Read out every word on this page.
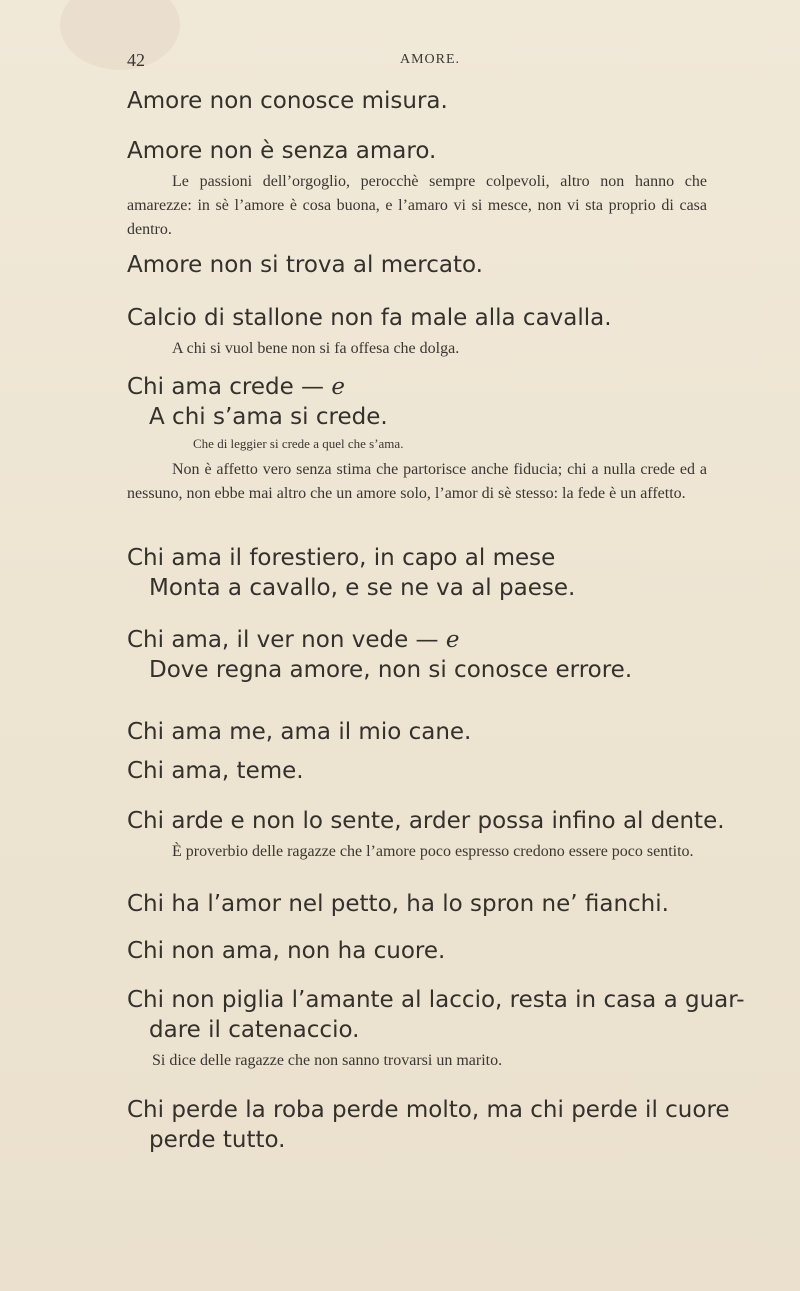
42	AMORE.
Amore non conosce misura.
Amore non è senza amaro.
Le passioni dell’orgoglio, perocchè sempre colpevoli, altro non hanno che amarezze: in sè l’amore è cosa buona, e l’amaro vi si mesce, non vi sta proprio di casa dentro.
Amore non si trova al mercato.
Calcio di stallone non fa male alla cavalla.
A chi si vuol bene non si fa offesa che dolga.
Chi ama crede — e
A chi s’ama si crede.
Che di leggier si crede a quel che s’ama.
Non è affetto vero senza stima che partorisce anche fiducia; chi a nulla crede ed a nessuno, non ebbe mai altro che un amore solo, l’amor di sè stesso: la fede è un affetto.
Chi ama il forestiero, in capo al mese
Monta a cavallo, e se ne va al paese.
Chi ama, il ver non vede — e
Dove regna amore, non si conosce errore.
Chi ama me, ama il mio cane.
Chi ama, teme.
Chi arde e non lo sente, arder possa infino al dente.
È proverbio delle ragazze che l’amore poco espresso credono essere poco sentito.
Chi ha l’amor nel petto, ha lo spron ne’ fianchi.
Chi non ama, non ha cuore.
Chi non piglia l’amante al laccio, resta in casa a guar-
dare il catenaccio.
Si dice delle ragazze che non sanno trovarsi un marito.
Chi perde la roba perde molto, ma chi perde il cuore
perde tutto.
